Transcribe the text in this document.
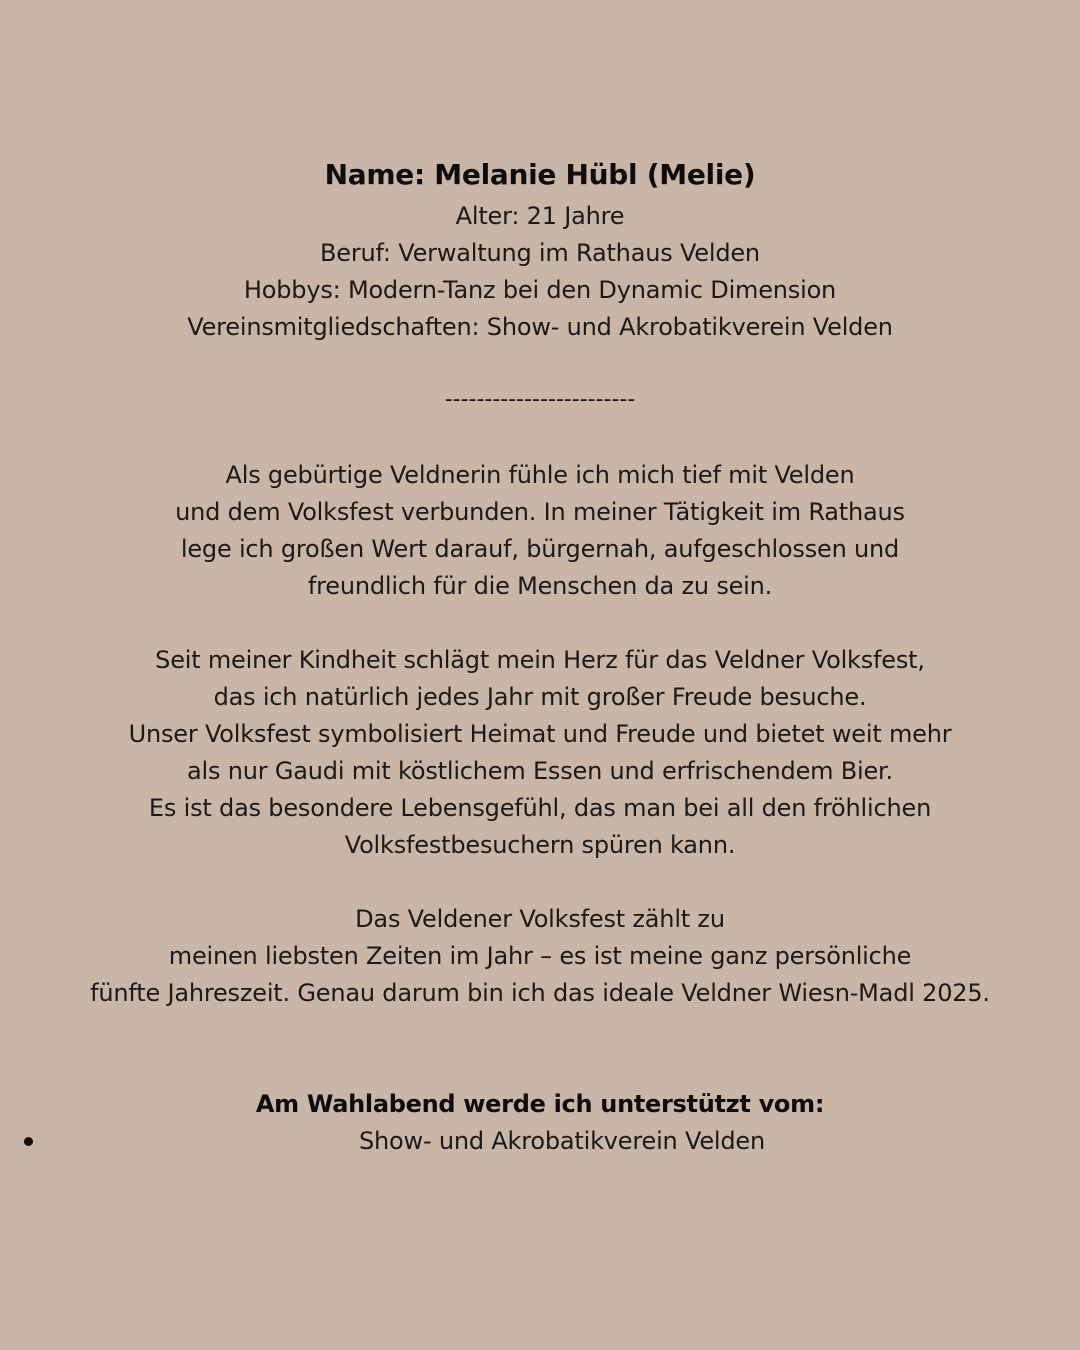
Name: Melanie Hübl (Melie)
Alter: 21 Jahre
Beruf: Verwaltung im Rathaus Velden
Hobbys: Modern-Tanz bei den Dynamic Dimension
Vereinsmitgliedschaften: Show- und Akrobatikverein Velden
------------------------
Als gebürtige Veldnerin fühle ich mich tief mit Velden
und dem Volksfest verbunden. In meiner Tätigkeit im Rathaus
lege ich großen Wert darauf, bürgernah, aufgeschlossen und
freundlich für die Menschen da zu sein.
Seit meiner Kindheit schlägt mein Herz für das Veldner Volksfest,
das ich natürlich jedes Jahr mit großer Freude besuche.
Unser Volksfest symbolisiert Heimat und Freude und bietet weit mehr
als nur Gaudi mit köstlichem Essen und erfrischendem Bier.
Es ist das besondere Lebensgefühl, das man bei all den fröhlichen
Volksfestbesuchern spüren kann.
Das Veldener Volksfest zählt zu
meinen liebsten Zeiten im Jahr – es ist meine ganz persönliche
fünfte Jahreszeit. Genau darum bin ich das ideale Veldner Wiesn-Madl 2025.
Am Wahlabend werde ich unterstützt vom:
Show- und Akrobatikverein Velden
